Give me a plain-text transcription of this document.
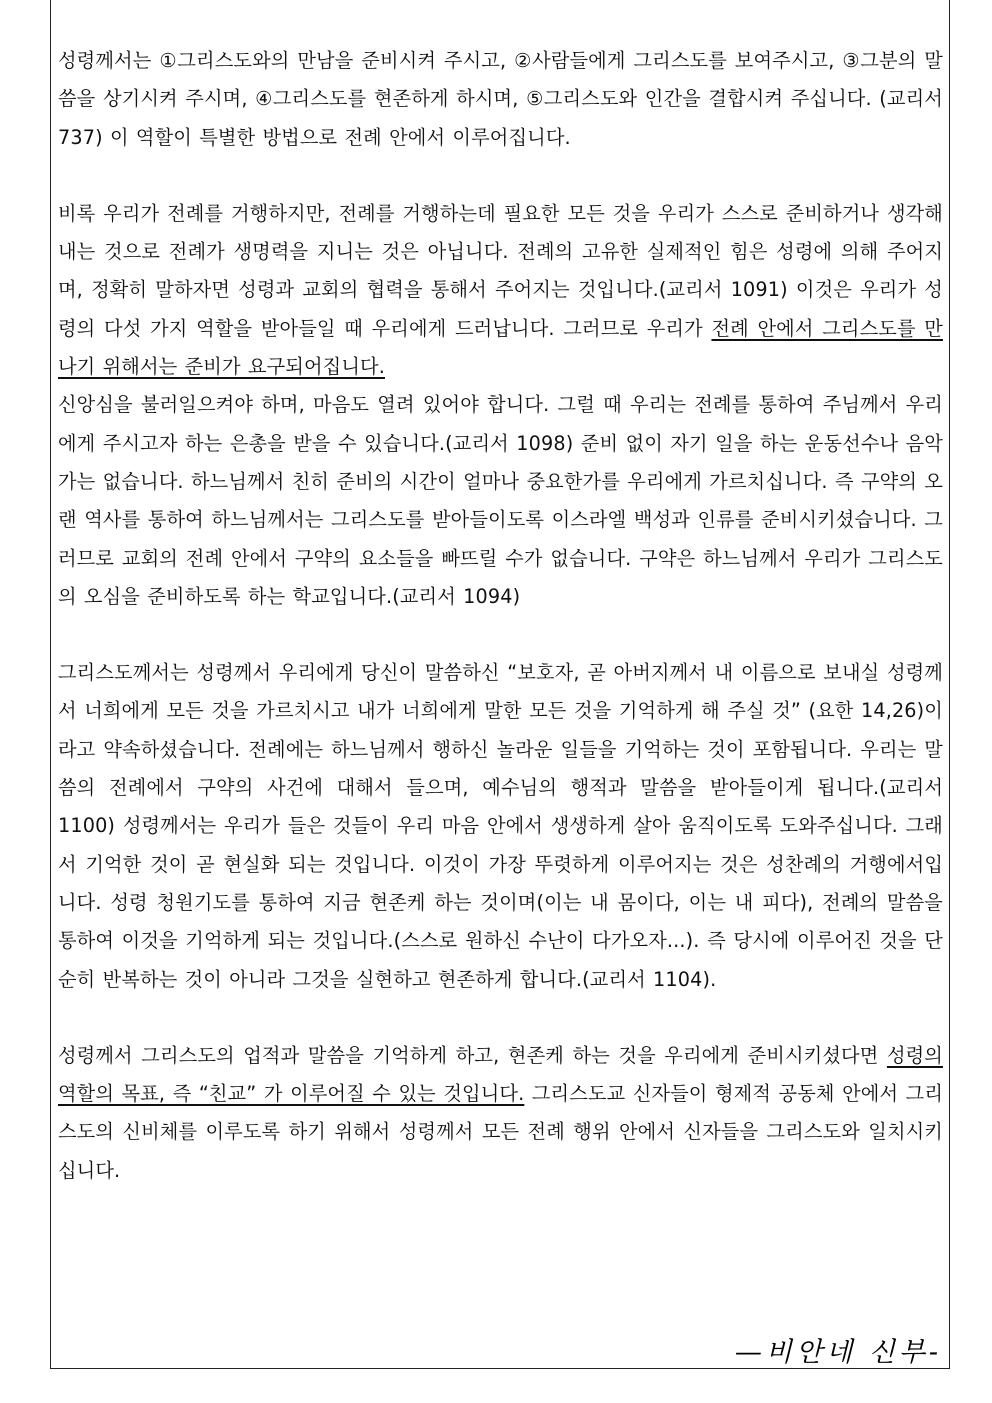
성령께서는 ①그리스도와의 만남을 준비시켜 주시고, ②사람들에게 그리스도를 보여주시고, ③그분의 말씀을 상기시켜 주시며, ④그리스도를 현존하게 하시며, ⑤그리스도와 인간을 결합시켜 주십니다. (교리서 737) 이 역할이 특별한 방법으로 전례 안에서 이루어집니다.

비록 우리가 전례를 거행하지만, 전례를 거행하는데 필요한 모든 것을 우리가 스스로 준비하거나 생각해내는 것으로 전례가 생명력을 지니는 것은 아닙니다. 전례의 고유한 실제적인 힘은 성령에 의해 주어지며, 정확히 말하자면 성령과 교회의 협력을 통해서 주어지는 것입니다.(교리서 1091) 이것은 우리가 성령의 다섯 가지 역할을 받아들일 때 우리에게 드러납니다. 그러므로 우리가 전례 안에서 그리스도를 만나기 위해서는 준비가 요구되어집니다.

신앙심을 불러일으켜야 하며, 마음도 열려 있어야 합니다. 그럴 때 우리는 전례를 통하여 주님께서 우리에게 주시고자 하는 은총을 받을 수 있습니다.(교리서 1098) 준비 없이 자기 일을 하는 운동선수나 음악가는 없습니다. 하느님께서 친히 준비의 시간이 얼마나 중요한가를 우리에게 가르치십니다. 즉 구약의 오랜 역사를 통하여 하느님께서는 그리스도를 받아들이도록 이스라엘 백성과 인류를 준비시키셨습니다. 그러므로 교회의 전례 안에서 구약의 요소들을 빠뜨릴 수가 없습니다. 구약은 하느님께서 우리가 그리스도의 오심을 준비하도록 하는 학교입니다.(교리서 1094)

그리스도께서는 성령께서 우리에게 당신이 말씀하신 “보호자, 곧 아버지께서 내 이름으로 보내실 성령께서 너희에게 모든 것을 가르치시고 내가 너희에게 말한 모든 것을 기억하게 해 주실 것” (요한 14,26)이라고 약속하셨습니다. 전례에는 하느님께서 행하신 놀라운 일들을 기억하는 것이 포함됩니다. 우리는 말씀의 전례에서 구약의 사건에 대해서 들으며, 예수님의 행적과 말씀을 받아들이게 됩니다.(교리서 1100) 성령께서는 우리가 들은 것들이 우리 마음 안에서 생생하게 살아 움직이도록 도와주십니다. 그래서 기억한 것이 곧 현실화 되는 것입니다. 이것이 가장 뚜렷하게 이루어지는 것은 성찬례의 거행에서입니다. 성령 청원기도를 통하여 지금 현존케 하는 것이며(이는 내 몸이다, 이는 내 피다), 전례의 말씀을 통하여 이것을 기억하게 되는 것입니다.(스스로 원하신 수난이 다가오자...). 즉 당시에 이루어진 것을 단순히 반복하는 것이 아니라 그것을 실현하고 현존하게 합니다.(교리서 1104).

성령께서 그리스도의 업적과 말씀을 기억하게 하고, 현존케 하는 것을 우리에게 준비시키셨다면 성령의 역할의 목표, 즉 “친교” 가 이루어질 수 있는 것입니다. 그리스도교 신자들이 형제적 공동체 안에서 그리스도의 신비체를 이루도록 하기 위해서 성령께서 모든 전례 행위 안에서 신자들을 그리스도와 일치시키십니다.

—비안네 신부-
